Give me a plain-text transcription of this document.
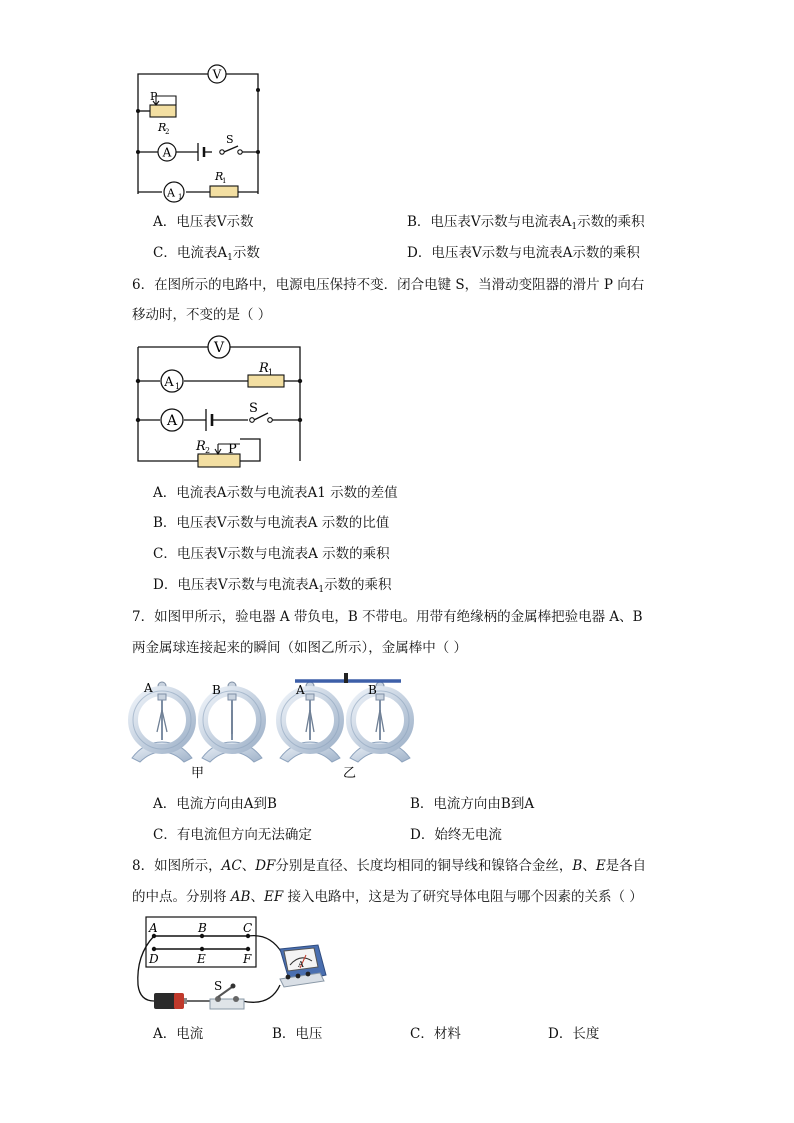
V
A
A 1
P
R
2
S
R
1
A．电压表V示数	B．电压表V示数与电流表$A_1$示数的乘积
C．电流表$A_1$示数	D．电压表V示数与电流表A示数的乘积
6．在图所示的电路中，电源电压保持不变．闭合电键 S，当滑动变阻器的滑片 P 向右
移动时，不变的是（ ）
V
A 1
A
R 1
S
R 2 P
A．电流表A示数与电流表A1 示数的差值
B．电压表V示数与电流表A 示数的比值
C．电压表V示数与电流表A 示数的乘积
D．电压表V示数与电流表$A_1$示数的乘积
7．如图甲所示，验电器 A 带负电，B 不带电。用带有绝缘柄的金属棒把验电器 A、B
两金属球连接起来的瞬间（如图乙所示），金属棒中（ ）
A	B	A	B
甲	乙
A．电流方向由A到B	B．电流方向由B到A
C．有电流但方向无法确定	D．始终无电流
8．如图所示，AC、DF分别是直径、长度均相同的铜导线和镍铬合金丝，B、E是各自
的中点。分别将 AB、EF 接入电路中，这是为了研究导体电阻与哪个因素的关系（ ）
A	B	C
D	E	F
S
A
A．电流	B．电压	C．材料	D．长度
